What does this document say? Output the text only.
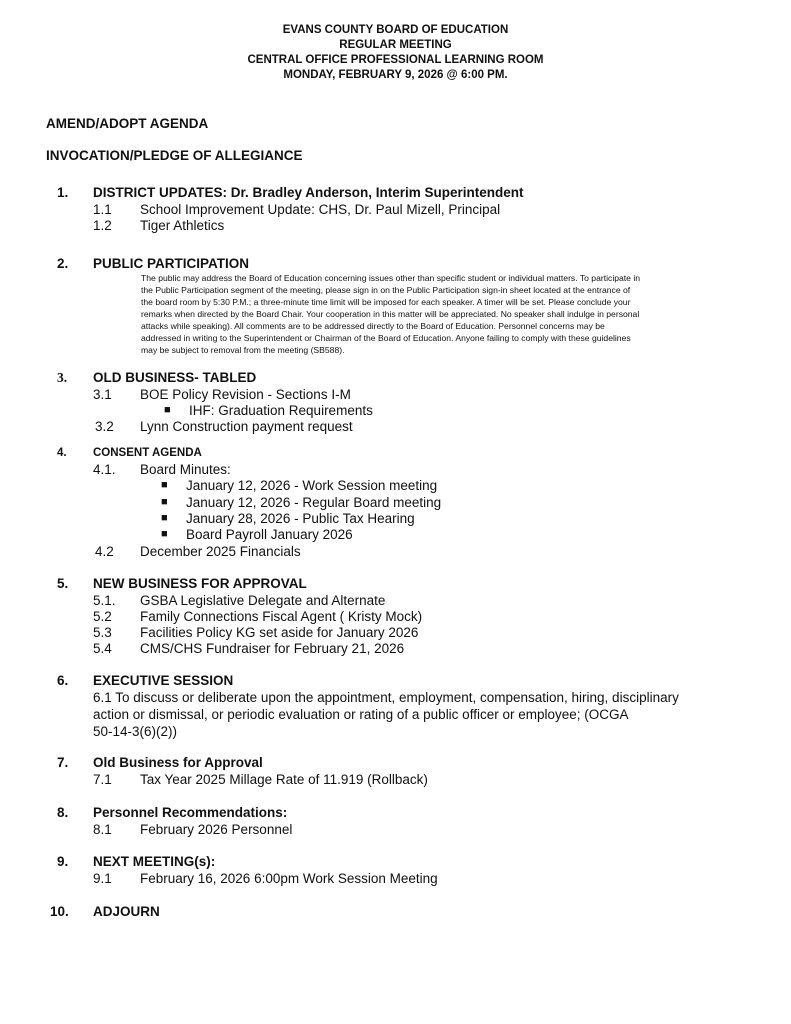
EVANS COUNTY BOARD OF EDUCATION
REGULAR MEETING
CENTRAL OFFICE PROFESSIONAL LEARNING ROOM
MONDAY, FEBRUARY 9, 2026 @ 6:00 PM.
AMEND/ADOPT AGENDA
INVOCATION/PLEDGE OF ALLEGIANCE
1. DISTRICT UPDATES: Dr. Bradley Anderson, Interim Superintendent
1.1 School Improvement Update: CHS, Dr. Paul Mizell, Principal
1.2 Tiger Athletics
2. PUBLIC PARTICIPATION
The public may address the Board of Education concerning issues other than specific student or individual matters. To participate in
the Public Participation segment of the meeting, please sign in on the Public Participation sign-in sheet located at the entrance of
the board room by 5:30 P.M.; a three-minute time limit will be imposed for each speaker. A timer will be set. Please conclude your
remarks when directed by the Board Chair. Your cooperation in this matter will be appreciated. No speaker shall indulge in personal
attacks while speaking). All comments are to be addressed directly to the Board of Education. Personnel concerns may be
addressed in writing to the Superintendent or Chairman of the Board of Education. Anyone failing to comply with these guidelines
may be subject to removal from the meeting (SB588).
3. OLD BUSINESS- TABLED
3.1 BOE Policy Revision - Sections I-M
■ IHF: Graduation Requirements
3.2 Lynn Construction payment request
4. CONSENT AGENDA
4.1. Board Minutes:
■ January 12, 2026 - Work Session meeting
■ January 12, 2026 - Regular Board meeting
■ January 28, 2026 - Public Tax Hearing
■ Board Payroll January 2026
4.2 December 2025 Financials
5. NEW BUSINESS FOR APPROVAL
5.1. GSBA Legislative Delegate and Alternate
5.2 Family Connections Fiscal Agent ( Kristy Mock)
5.3 Facilities Policy KG set aside for January 2026
5.4 CMS/CHS Fundraiser for February 21, 2026
6. EXECUTIVE SESSION
6.1 To discuss or deliberate upon the appointment, employment, compensation, hiring, disciplinary
action or dismissal, or periodic evaluation or rating of a public officer or employee; (OCGA
50-14-3(6)(2))
7. Old Business for Approval
7.1 Tax Year 2025 Millage Rate of 11.919 (Rollback)
8. Personnel Recommendations:
8.1 February 2026 Personnel
9. NEXT MEETING(s):
9.1 February 16, 2026 6:00pm Work Session Meeting
10. ADJOURN
